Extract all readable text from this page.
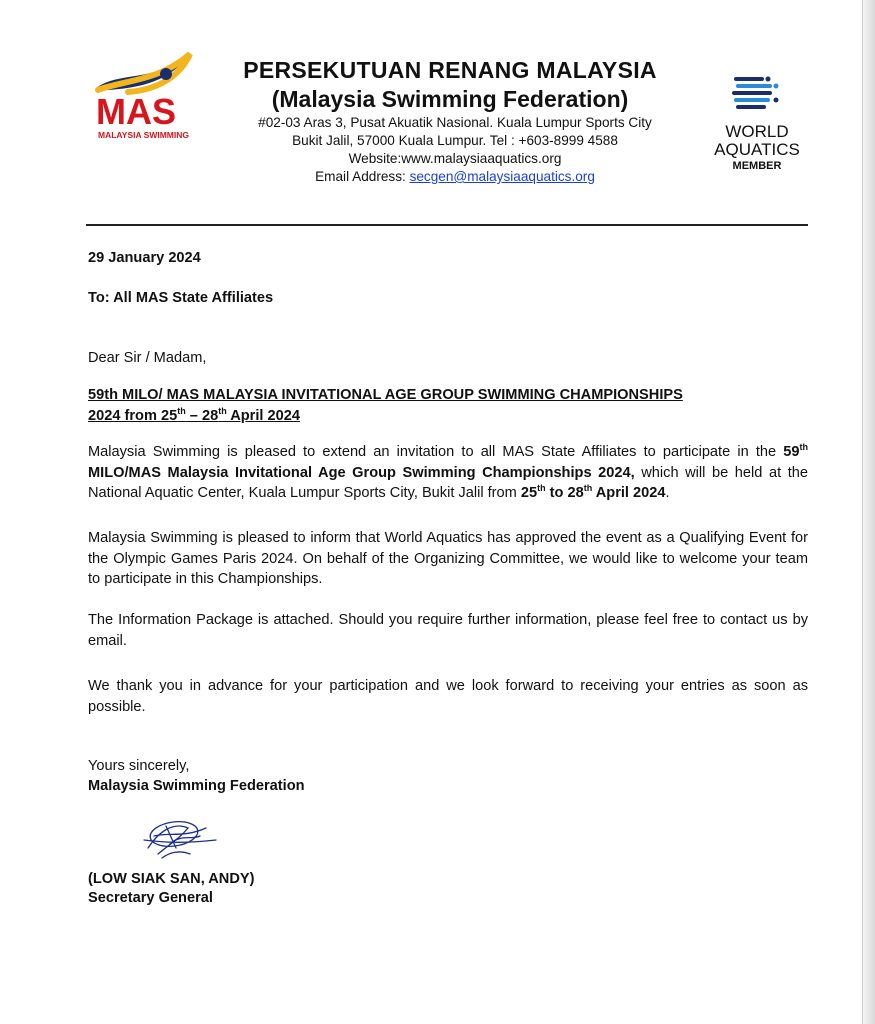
MAS
MALAYSIA SWIMMING	WORLD
AQUATICS
MEMBER
PERSEKUTUAN RENANG MALAYSIA
(Malaysia Swimming Federation)
#02-03 Aras 3, Pusat Akuatik Nasional. Kuala Lumpur Sports City
Bukit Jalil, 57000 Kuala Lumpur. Tel : +603-8999 4588
Website:www.malaysiaaquatics.org
Email Address: secgen@malaysiaaquatics.org
29 January 2024
To: All MAS State Affiliates
Dear Sir / Madam,
59th MILO/ MAS MALAYSIA INVITATIONAL AGE GROUP SWIMMING CHAMPIONSHIPS
2024 from 25th – 28th April 2024
Malaysia Swimming is pleased to extend an invitation to all MAS State Affiliates to participate in the 59th MILO/MAS Malaysia Invitational Age Group Swimming Championships 2024, which will be held at the National Aquatic Center, Kuala Lumpur Sports City, Bukit Jalil from 25th to 28th April 2024.
Malaysia Swimming is pleased to inform that World Aquatics has approved the event as a Qualifying Event for the Olympic Games Paris 2024. On behalf of the Organizing Committee, we would like to welcome your team to participate in this Championships.
The Information Package is attached. Should you require further information, please feel free to contact us by email.
We thank you in advance for your participation and we look forward to receiving your entries as soon as possible.
Yours sincerely,
Malaysia Swimming Federation
(LOW SIAK SAN, ANDY)
Secretary General
